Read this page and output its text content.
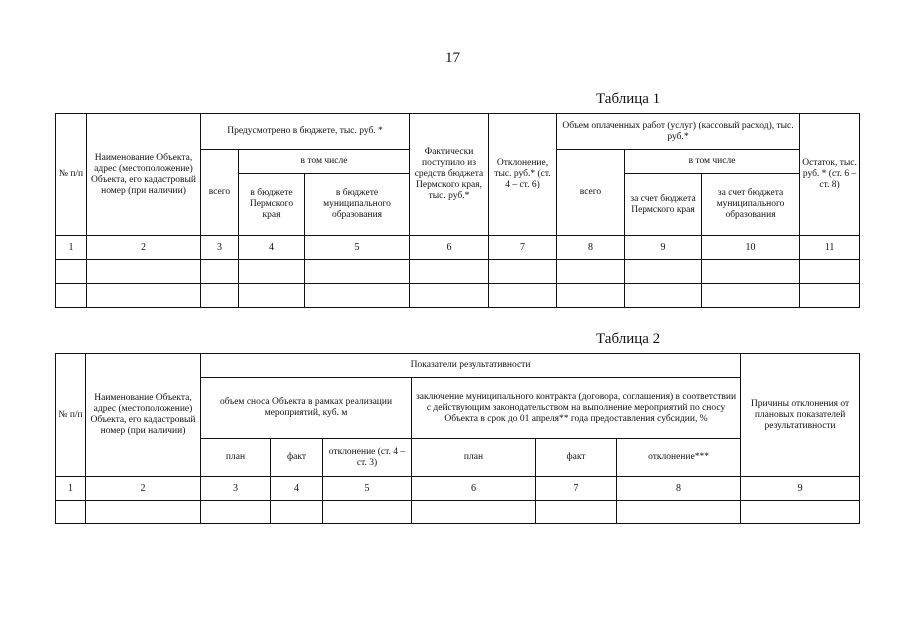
17
Таблица 1
№ п/п	Наименование Объекта, адрес (местоположение) Объекта, его кадастровый номер (при наличии)	Предусмотрено в бюджете, тыс. руб. *			Фактически поступило из средств бюджета Пермского края, тыс. руб.*	Отклонение, тыс. руб.* (ст. 4 – ст. 6)	Объем оплаченных работ (услуг) (кассовый расход), тыс. руб.*			Остаток, тыс. руб. * (ст. 6 – ст. 8)
		всего	в том числе				всего	в том числе		
			в бюджете Пермского края	в бюджете муниципального образования				за счет бюджета Пермского края	за счет бюджета муниципального образования	
1	2	3	4	5	6	7	8	9	10	11

Таблица 2
№ п/п	Наименование Объекта, адрес (местоположение) Объекта, его кадастровый номер (при наличии)	Показатели результативности						Причины отклонения от плановых показателей результативности
		объем сноса Объекта в рамках реализации мероприятий, куб. м			заключение муниципального контракта (договора, соглашения) в соответствии с действующим законодательством на выполнение мероприятий по сносу Объекта в срок до 01 апреля** года предоставления субсидии, %			
		план	факт	отклонение (ст. 4 – ст. 3)	план	факт	отклонение***	
1	2	3	4	5	6	7	8	9
